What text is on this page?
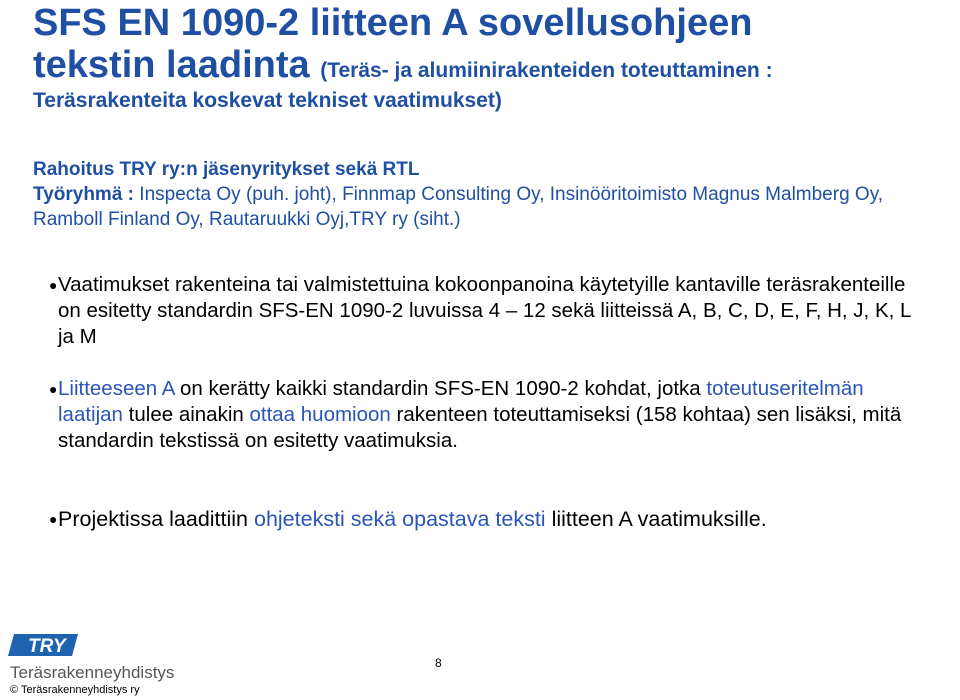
SFS EN 1090-2 liitteen A sovellusohjeen
tekstin laadinta (Teräs- ja alumiinirakenteiden toteuttaminen :
Teräsrakenteita koskevat tekniset vaatimukset)
Rahoitus TRY ry:n jäsenyritykset sekä RTL
Työryhmä : Inspecta Oy (puh. joht), Finnmap Consulting Oy, Insinööritoimisto Magnus Malmberg Oy, Ramboll Finland Oy, Rautaruukki Oyj,TRY ry (siht.)
● Vaatimukset rakenteina tai valmistettuina kokoonpanoina käytetyille kantaville teräsrakenteille on esitetty standardin SFS-EN 1090-2 luvuissa 4 – 12 sekä liitteissä A, B, C, D, E, F, H, J, K, L ja M
● Liitteeseen A on kerätty kaikki standardin SFS-EN 1090-2 kohdat, jotka toteutuseritelmän laatijan tulee ainakin ottaa huomioon rakenteen toteuttamiseksi (158 kohtaa) sen lisäksi, mitä standardin tekstissä on esitetty vaatimuksia.
● Projektissa laadittiin ohjeteksti sekä opastava teksti liitteen A vaatimuksille.
TRY
Teräsrakenneyhdistys
© Teräsrakenneyhdistys ry
8
